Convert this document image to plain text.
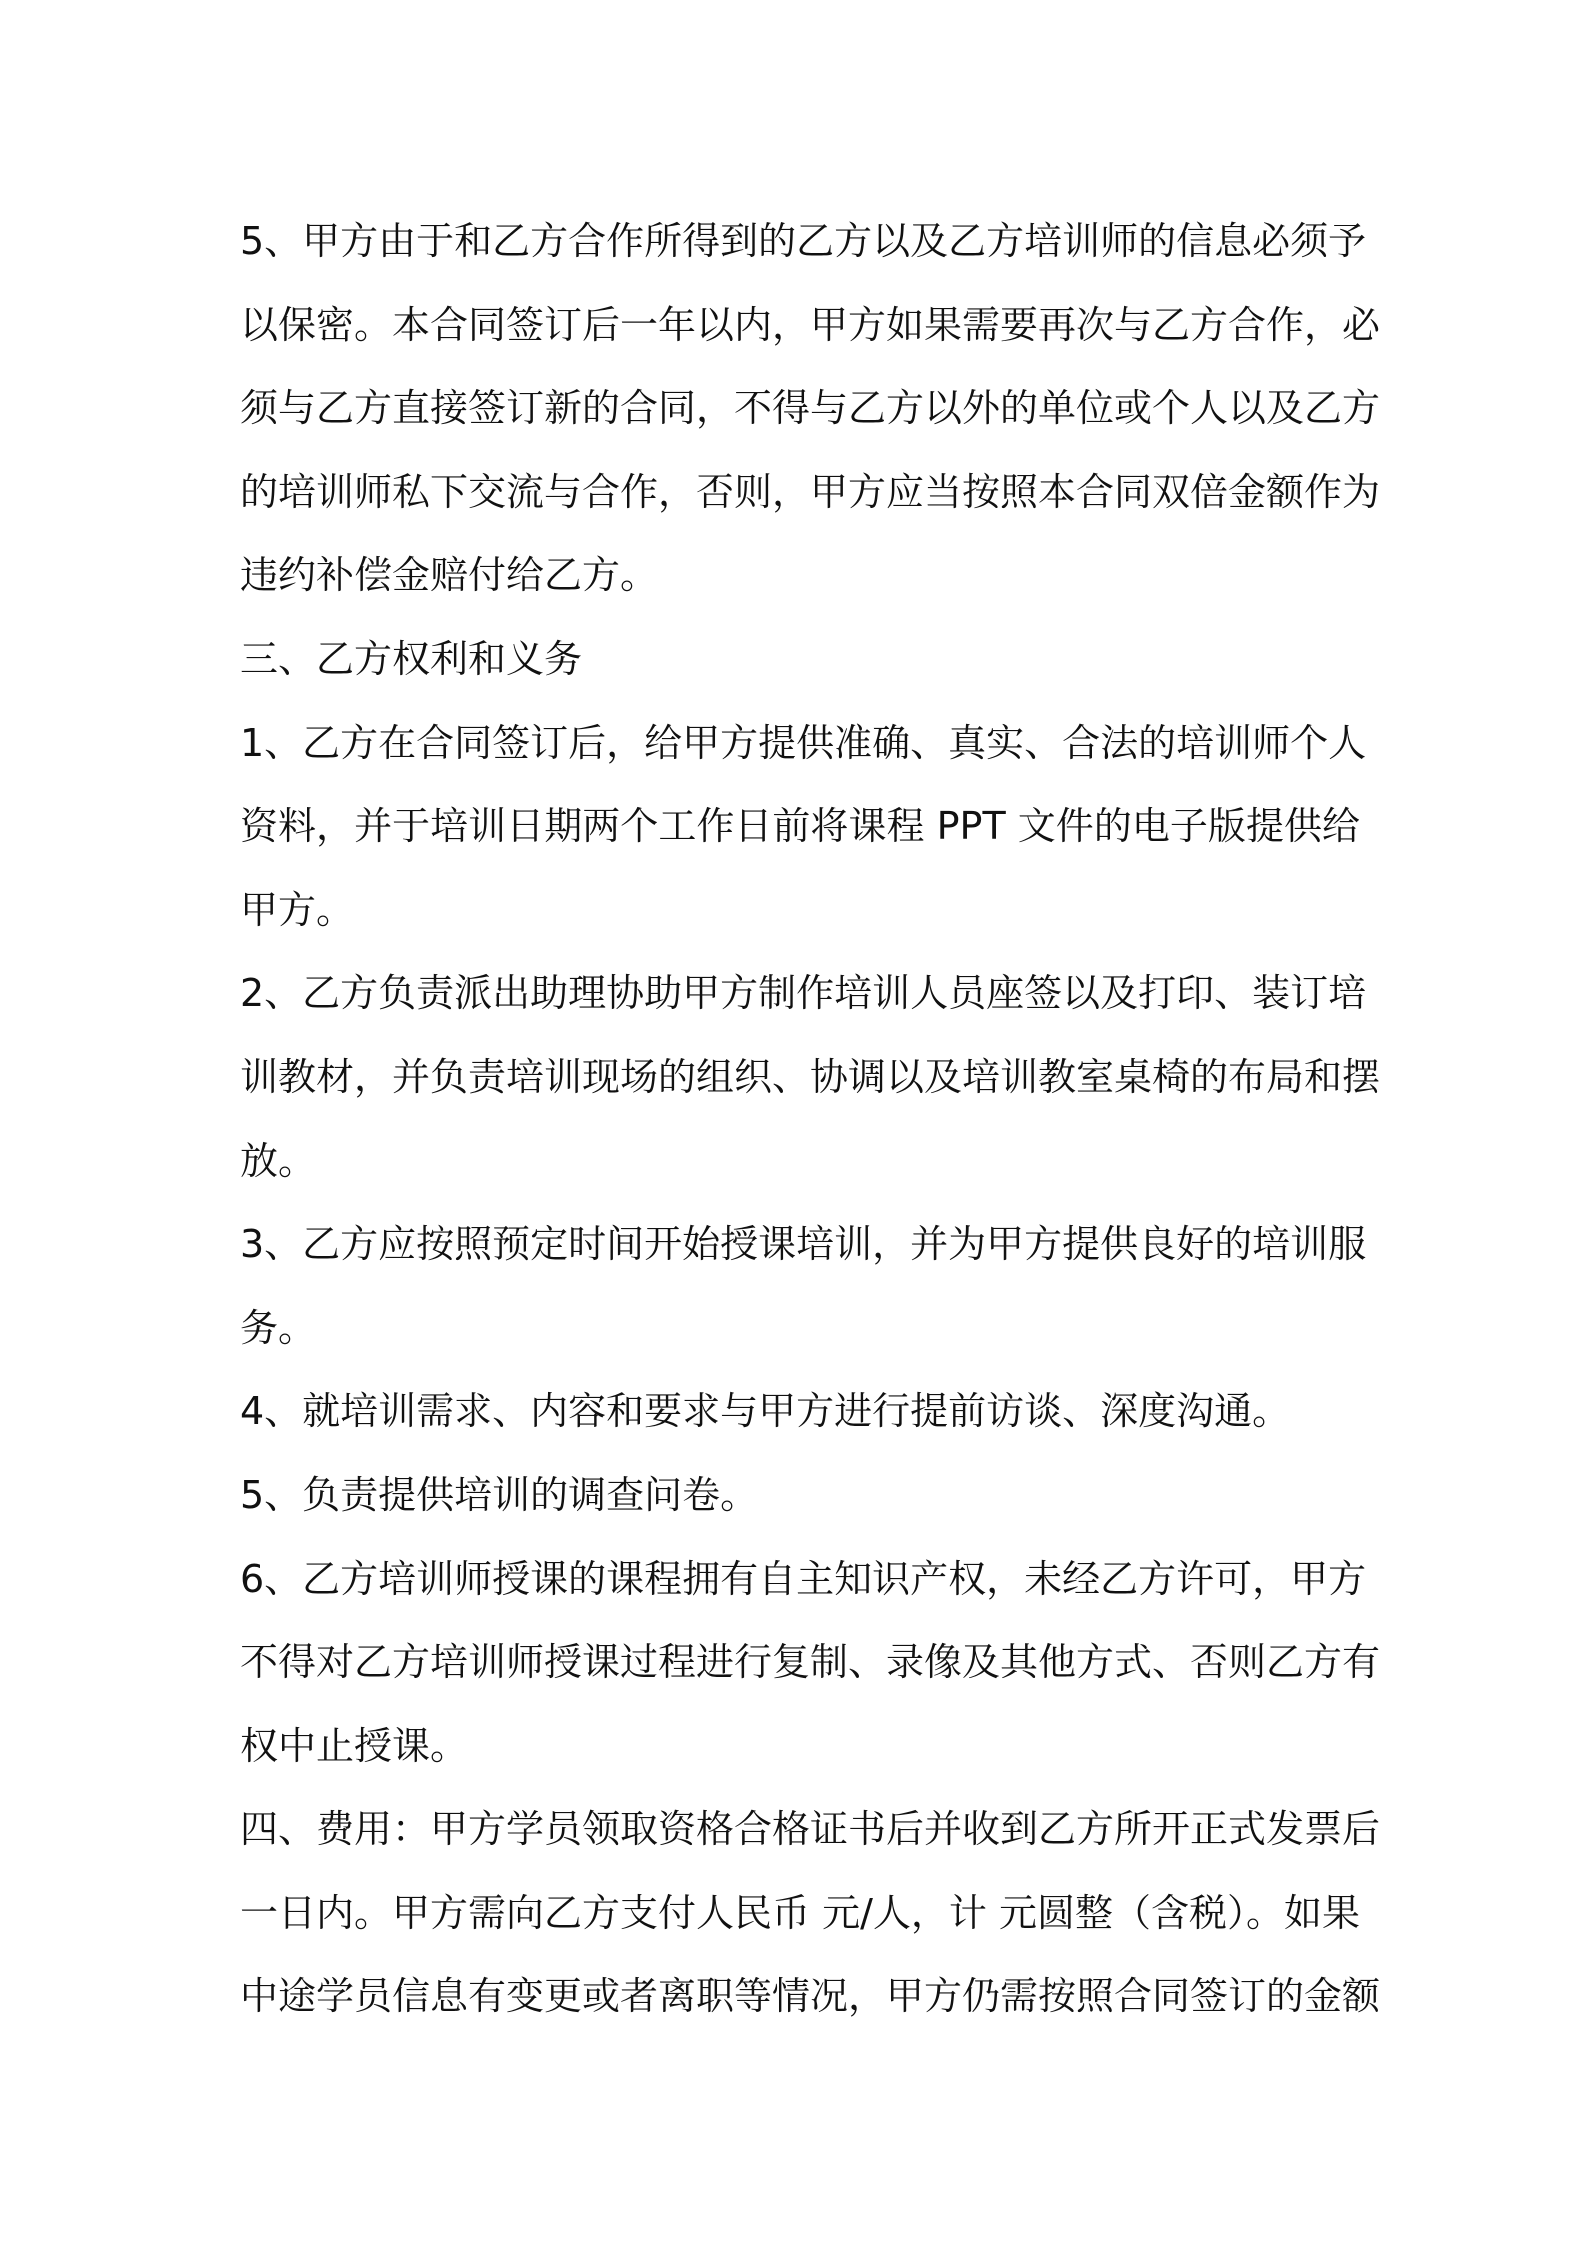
5、甲方由于和乙方合作所得到的乙方以及乙方培训师的信息必须予
以保密。本合同签订后一年以内，甲方如果需要再次与乙方合作，必
须与乙方直接签订新的合同，不得与乙方以外的单位或个人以及乙方
的培训师私下交流与合作，否则，甲方应当按照本合同双倍金额作为
违约补偿金赔付给乙方。
三、乙方权利和义务
1、乙方在合同签订后，给甲方提供准确、真实、合法的培训师个人
资料，并于培训日期两个工作日前将课程 PPT 文件的电子版提供给
甲方。
2、乙方负责派出助理协助甲方制作培训人员座签以及打印、装订培
训教材，并负责培训现场的组织、协调以及培训教室桌椅的布局和摆
放。
3、乙方应按照预定时间开始授课培训，并为甲方提供良好的培训服
务。
4、就培训需求、内容和要求与甲方进行提前访谈、深度沟通。
5、负责提供培训的调查问卷。
6、乙方培训师授课的课程拥有自主知识产权，未经乙方许可，甲方
不得对乙方培训师授课过程进行复制、录像及其他方式、否则乙方有
权中止授课。
四、费用：甲方学员领取资格合格证书后并收到乙方所开正式发票后
一日内。甲方需向乙方支付人民币 元/人，计 元圆整（含税）。如果
中途学员信息有变更或者离职等情况，甲方仍需按照合同签订的金额
